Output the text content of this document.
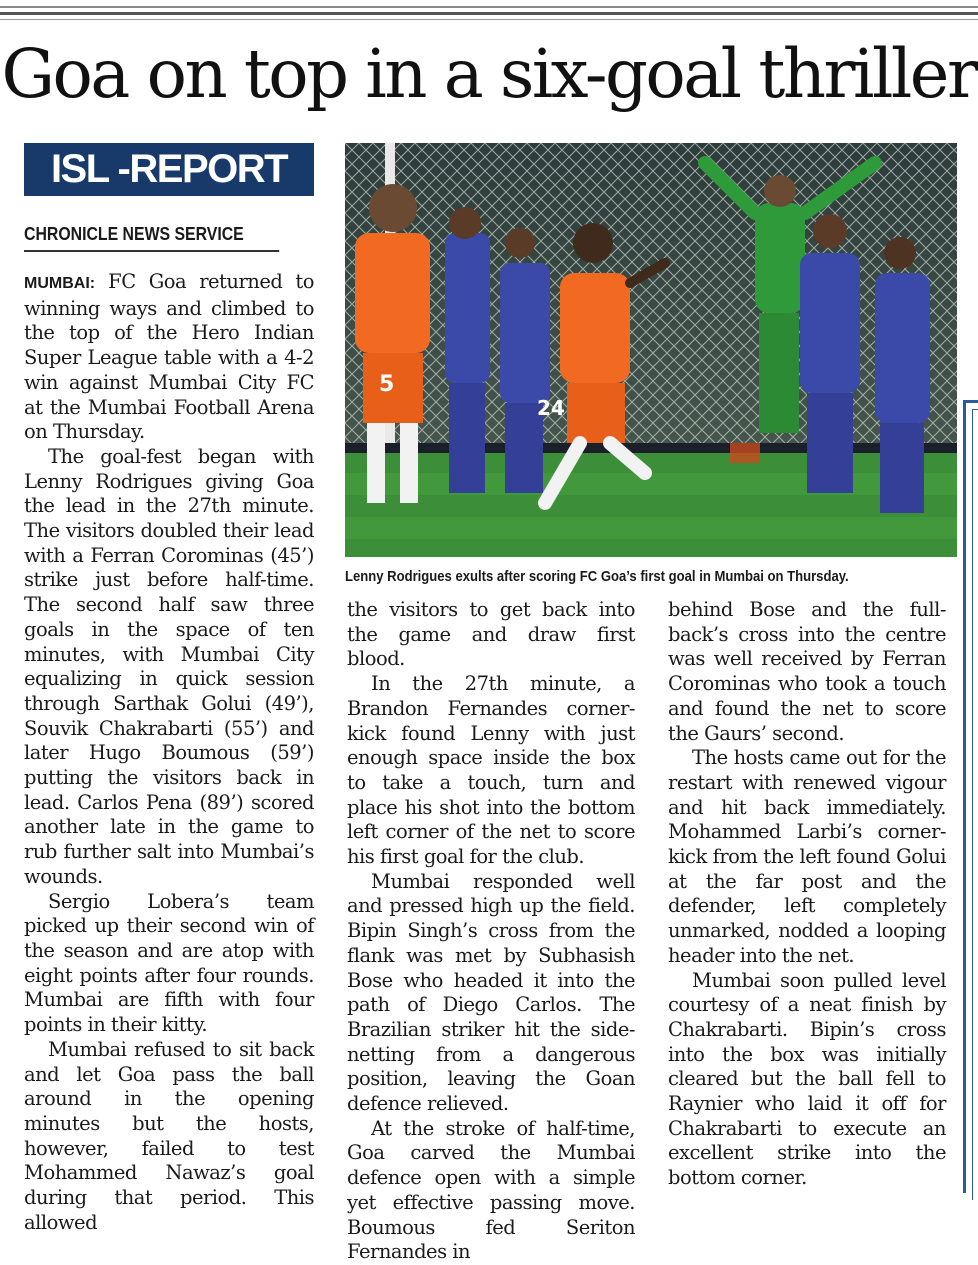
Goa on top in a six-goal thriller
ISL -REPORT
CHRONICLE NEWS SERVICE
5
24
Lenny Rodrigues exults after scoring FC Goa’s first goal in Mumbai on Thursday.

MUMBAI: FC Goa returned to winning ways and climbed to the top of the Hero Indian Super League table with a 4-2 win against Mumbai City FC at the Mumbai Football Arena on Thursday.

The goal-fest began with Lenny Rodrigues giving Goa the lead in the 27th minute. The visitors doubled their lead with a Ferran Corominas (45’) strike just before half-time. The second half saw three goals in the space of ten minutes, with Mumbai City equalizing in quick session through Sarthak Golui (49’), Souvik Chakrabarti (55’) and later Hugo Boumous (59’) putting the visitors back in lead. Carlos Pena (89’) scored another late in the game to rub further salt into Mumbai’s wounds.

Sergio Lobera’s team picked up their second win of the season and are atop with eight points after four rounds. Mumbai are fifth with four points in their kitty.

Mumbai refused to sit back and let Goa pass the ball around in the opening minutes but the hosts, however, failed to test Mohammed Nawaz’s goal during that period. This allowed

the visitors to get back into the game and draw first blood.

In the 27th minute, a Brandon Fernandes corner-kick found Lenny with just enough space inside the box to take a touch, turn and place his shot into the bottom left corner of the net to score his first goal for the club.

Mumbai responded well and pressed high up the field. Bipin Singh’s cross from the flank was met by Subhasish Bose who headed it into the path of Diego Carlos. The Brazilian striker hit the side-netting from a dangerous position, leaving the Goan defence relieved.

At the stroke of half-time, Goa carved the Mumbai defence open with a simple yet effective passing move. Boumous fed Seriton Fernandes in

behind Bose and the full-back’s cross into the centre was well received by Ferran Corominas who took a touch and found the net to score the Gaurs’ second.

The hosts came out for the restart with renewed vigour and hit back immediately. Mohammed Larbi’s corner-kick from the left found Golui at the far post and the defender, left completely unmarked, nodded a looping header into the net.

Mumbai soon pulled level courtesy of a neat finish by Chakrabarti. Bipin’s cross into the box was initially cleared but the ball fell to Raynier who laid it off for Chakrabarti to execute an excellent strike into the bottom corner.
